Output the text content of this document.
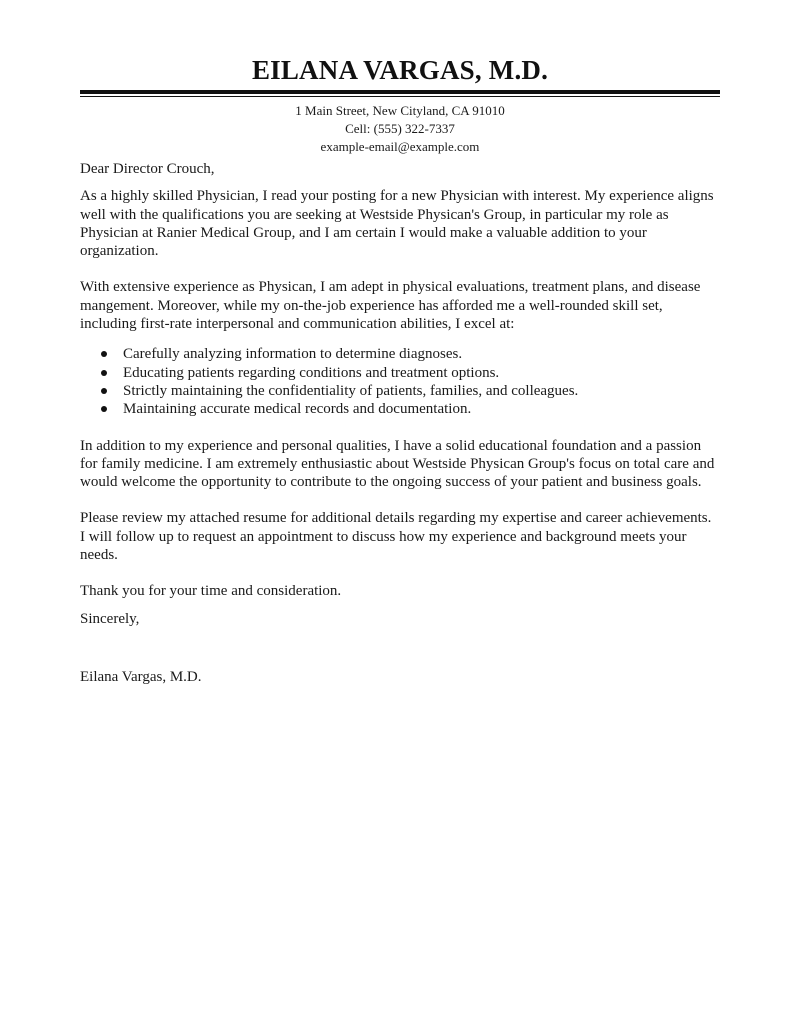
EILANA VARGAS, M.D.
1 Main Street, New Cityland, CA 91010
Cell: (555) 322-7337
example-email@example.com

Dear Director Crouch,

As a highly skilled Physician, I read your posting for a new Physician with interest. My experience aligns well with the qualifications you are seeking at Westside Physican's Group, in particular my role as Physician at Ranier Medical Group, and I am certain I would make a valuable addition to your organization.

With extensive experience as Physican, I am adept in physical evaluations, treatment plans, and disease mangement. Moreover, while my on-the-job experience has afforded me a well-rounded skill set, including first-rate interpersonal and communication abilities, I excel at:

Carefully analyzing information to determine diagnoses.
Educating patients regarding conditions and treatment options.
Strictly maintaining the confidentiality of patients, families, and colleagues.
Maintaining accurate medical records and documentation.

In addition to my experience and personal qualities, I have a solid educational foundation and a passion for family medicine. I am extremely enthusiastic about Westside Physican Group's focus on total care and would welcome the opportunity to contribute to the ongoing success of your patient and business goals.

Please review my attached resume for additional details regarding my expertise and career achievements. I will follow up to request an appointment to discuss how my experience and background meets your needs.

Thank you for your time and consideration.

Sincerely,

Eilana Vargas, M.D.
